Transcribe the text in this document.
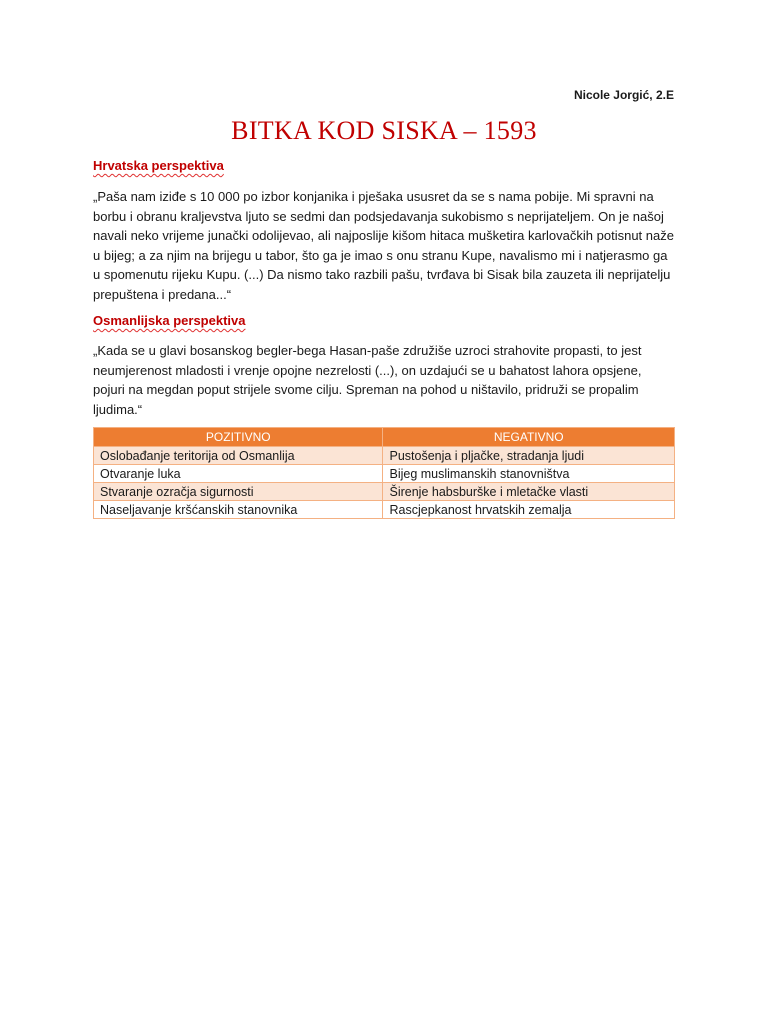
Nicole Jorgić, 2.E
BITKA KOD SISKA – 1593
Hrvatska perspektiva
„Paša nam iziđe s 10 000 po izbor konjanika i pješaka ususret da se s nama pobije. Mi spravni na borbu i obranu kraljevstva ljuto se sedmi dan podsjedavanja sukobismo s neprijateljem. On je našoj navali neko vrijeme junački odolijevao, ali najposlije kišom hitaca mušketira karlovačkih potisnut naže u bijeg; a za njim na brijegu u tabor, što ga je imao s onu stranu Kupe, navalismo mi i natjerasmo ga u spomenutu rijeku Kupu. (...) Da nismo tako razbili pašu, tvrđava bi Sisak bila zauzeta ili neprijatelju prepuštena i predana...“
Osmanlijska perspektiva
„Kada se u glavi bosanskog begler-bega Hasan-paše združiše uzroci strahovite propasti, to jest neumjerenost mladosti i vrenje opojne nezrelosti (...), on uzdajući se u bahatost lahora opsjene, pojuri na megdan poput strijele svome cilju. Spreman na pohod u ništavilo, pridruži se propalim ljudima.“
POZITIVNO	NEGATIVNO
Oslobađanje teritorija od Osmanlija	Pustošenja i pljačke, stradanja ljudi
Otvaranje luka	Bijeg muslimanskih stanovništva
Stvaranje ozračja sigurnosti	Širenje habsburške i mletačke vlasti
Naseljavanje kršćanskih stanovnika	Rascjepkanost hrvatskih zemalja
